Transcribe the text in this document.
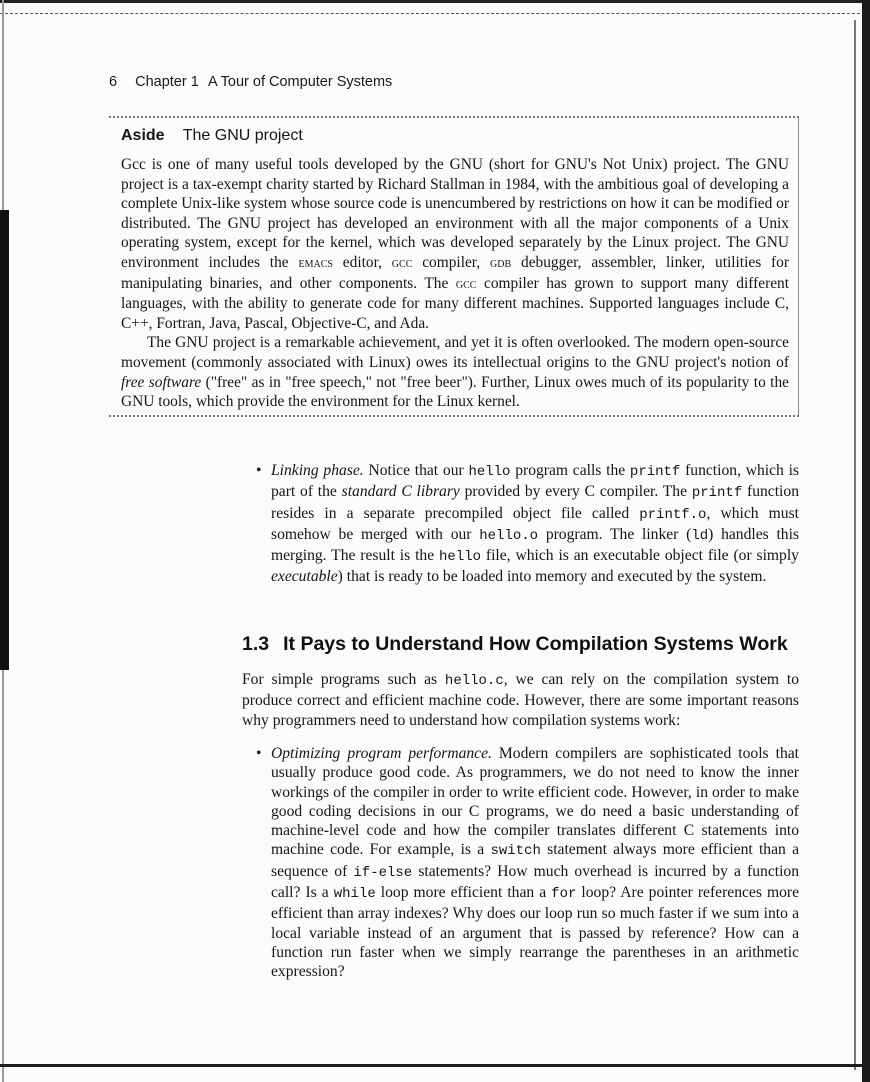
6 Chapter 1 A Tour of Computer Systems
Aside The GNU project

Gcc is one of many useful tools developed by the GNU (short for GNU's Not Unix) project. The GNU project is a tax-exempt charity started by Richard Stallman in 1984, with the ambitious goal of developing a complete Unix-like system whose source code is unencumbered by restrictions on how it can be modified or distributed. The GNU project has developed an environment with all the major components of a Unix operating system, except for the kernel, which was developed separately by the Linux project. The GNU environment includes the emacs editor, gcc compiler, gdb debugger, assembler, linker, utilities for manipulating binaries, and other components. The gcc compiler has grown to support many different languages, with the ability to generate code for many different machines. Supported languages include C, C++, Fortran, Java, Pascal, Objective-C, and Ada.

The GNU project is a remarkable achievement, and yet it is often overlooked. The modern open-source movement (commonly associated with Linux) owes its intellectual origins to the GNU project's notion of free software ("free" as in "free speech," not "free beer"). Further, Linux owes much of its popularity to the GNU tools, which provide the environment for the Linux kernel.

• Linking phase. Notice that our hello program calls the printf function, which is part of the standard C library provided by every C compiler. The printf function resides in a separate precompiled object file called printf.o, which must somehow be merged with our hello.o program. The linker (ld) handles this merging. The result is the hello file, which is an executable object file (or simply executable) that is ready to be loaded into memory and executed by the system.
1.3 It Pays to Understand How Compilation Systems Work
For simple programs such as hello.c, we can rely on the compilation system to produce correct and efficient machine code. However, there are some important reasons why programmers need to understand how compilation systems work:
• Optimizing program performance. Modern compilers are sophisticated tools that usually produce good code. As programmers, we do not need to know the inner workings of the compiler in order to write efficient code. However, in order to make good coding decisions in our C programs, we do need a basic understanding of machine-level code and how the compiler translates different C statements into machine code. For example, is a switch statement always more efficient than a sequence of if-else statements? How much overhead is incurred by a function call? Is a while loop more efficient than a for loop? Are pointer references more efficient than array indexes? Why does our loop run so much faster if we sum into a local variable instead of an argument that is passed by reference? How can a function run faster when we simply rearrange the parentheses in an arithmetic expression?
